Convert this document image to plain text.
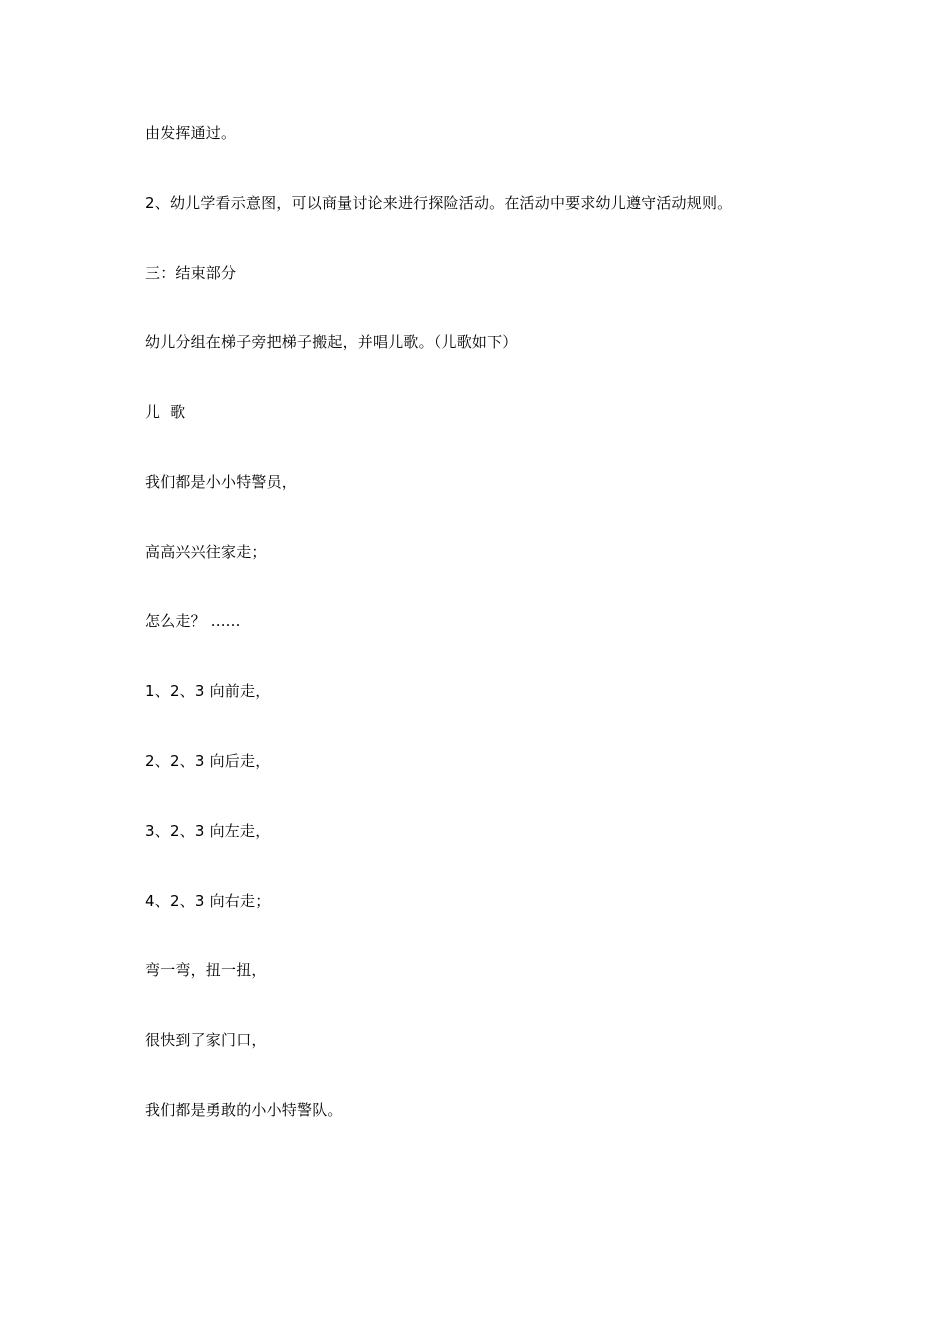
由发挥通过。
2、幼儿学看示意图，可以商量讨论来进行探险活动。在活动中要求幼儿遵守活动规则。
三：结束部分
幼儿分组在梯子旁把梯子搬起，并唱儿歌。（儿歌如下）
儿  歌
我们都是小小特警员，
高高兴兴往家走；
怎么走？ ......
1、2、3 向前走，
2、2、3 向后走，
3、2、3 向左走，
4、2、3 向右走；
弯一弯，扭一扭，
很快到了家门口，
我们都是勇敢的小小特警队。
